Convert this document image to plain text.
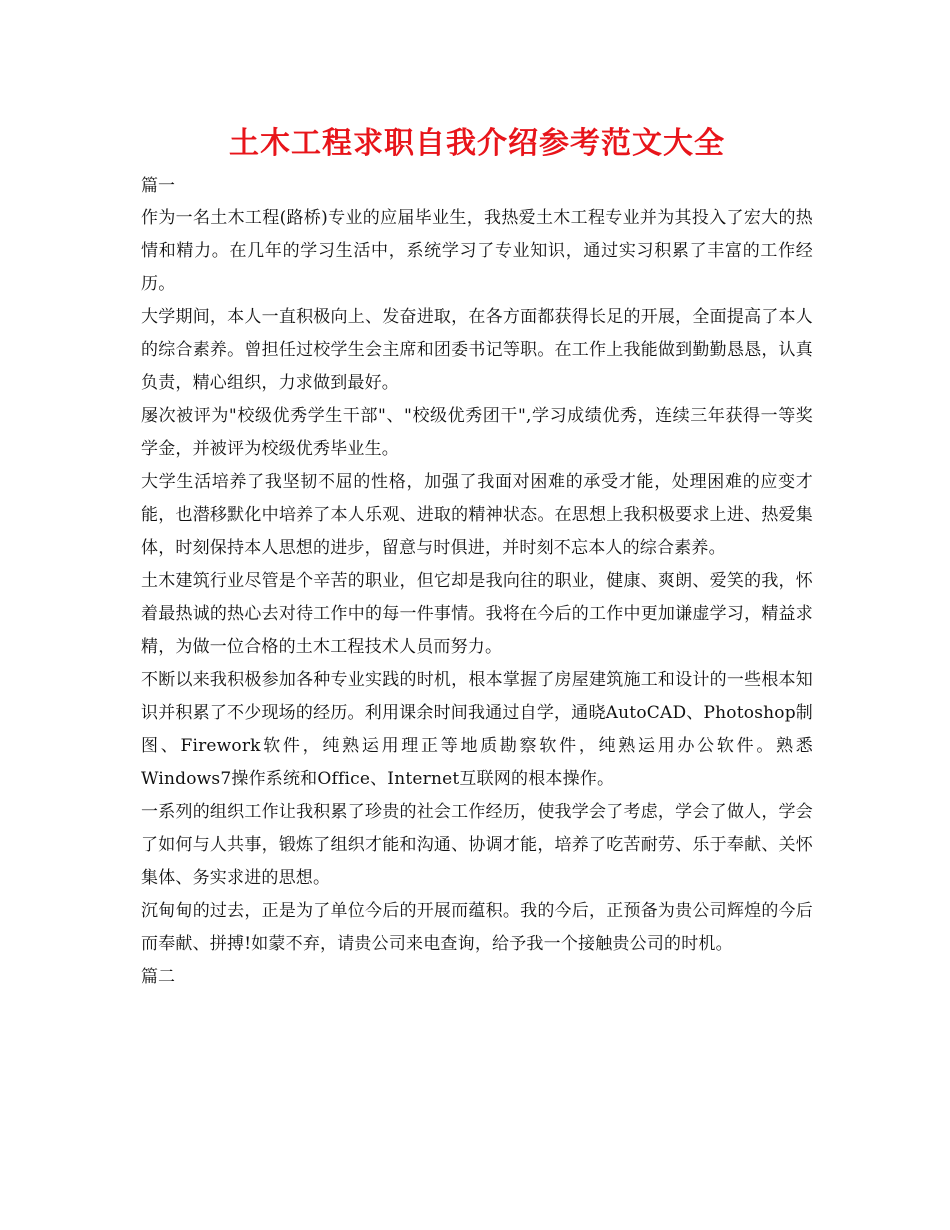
土木工程求职自我介绍参考范文大全

篇一

作为一名土木工程(路桥)专业的应届毕业生，我热爱土木工程专业并为其投入了宏大的热情和精力。在几年的学习生活中，系统学习了专业知识，通过实习积累了丰富的工作经历。

大学期间，本人一直积极向上、发奋进取，在各方面都获得长足的开展，全面提高了本人的综合素养。曾担任过校学生会主席和团委书记等职。在工作上我能做到勤勤恳恳，认真负责，精心组织，力求做到最好。

屡次被评为"校级优秀学生干部"、"校级优秀团干",学习成绩优秀，连续三年获得一等奖学金，并被评为校级优秀毕业生。

大学生活培养了我坚韧不屈的性格，加强了我面对困难的承受才能，处理困难的应变才能，也潜移默化中培养了本人乐观、进取的精神状态。在思想上我积极要求上进、热爱集体，时刻保持本人思想的进步，留意与时俱进，并时刻不忘本人的综合素养。

土木建筑行业尽管是个辛苦的职业，但它却是我向往的职业，健康、爽朗、爱笑的我，怀着最热诚的热心去对待工作中的每一件事情。我将在今后的工作中更加谦虚学习，精益求精，为做一位合格的土木工程技术人员而努力。

不断以来我积极参加各种专业实践的时机，根本掌握了房屋建筑施工和设计的一些根本知识并积累了不少现场的经历。利用课余时间我通过自学，通晓AutoCAD、Photoshop制图、Firework软件，纯熟运用理正等地质勘察软件，纯熟运用办公软件。熟悉Windows7操作系统和Office、Internet互联网的根本操作。

一系列的组织工作让我积累了珍贵的社会工作经历，使我学会了考虑，学会了做人，学会了如何与人共事，锻炼了组织才能和沟通、协调才能，培养了吃苦耐劳、乐于奉献、关怀集体、务实求进的思想。

沉甸甸的过去，正是为了单位今后的开展而蕴积。我的今后，正预备为贵公司辉煌的今后而奉献、拼搏!如蒙不弃，请贵公司来电查询，给予我一个接触贵公司的时机。

篇二
